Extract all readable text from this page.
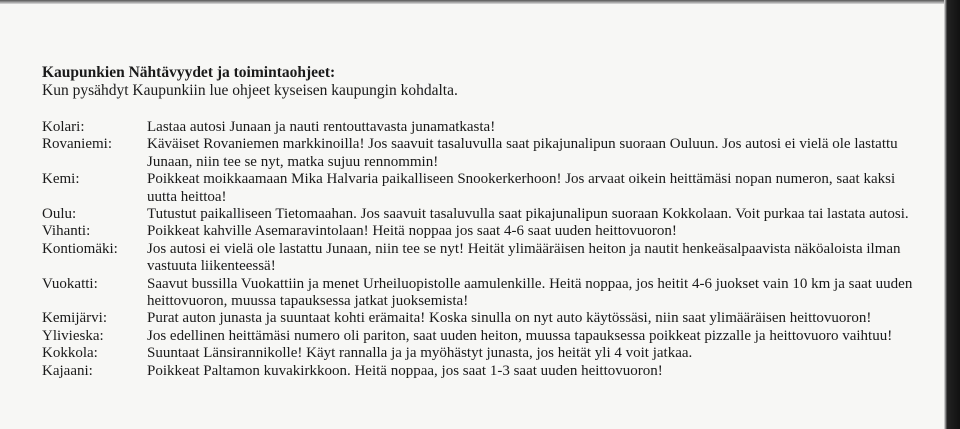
Kaupunkien Nähtävyydet ja toimintaohjeet:
Kun pysähdyt Kaupunkiin lue ohjeet kyseisen kaupungin kohdalta.
Kolari:	Lastaa autosi Junaan ja nauti rentouttavasta junamatkasta!
Rovaniemi:	Käväiset Rovaniemen markkinoilla! Jos saavuit tasaluvulla saat pikajunalipun suoraan Ouluun. Jos autosi ei vielä ole lastattu Junaan, niin tee se nyt, matka sujuu rennommin!
Kemi:	Poikkeat moikkaamaan Mika Halvaria paikalliseen Snookerkerhoon! Jos arvaat oikein heittämäsi nopan numeron, saat kaksi uutta heittoa!
Oulu:	Tutustut paikalliseen Tietomaahan. Jos saavuit tasaluvulla saat pikajunalipun suoraan Kokkolaan. Voit purkaa tai lastata autosi.
Vihanti:	Poikkeat kahville Asemaravintolaan! Heitä noppaa jos saat 4-6 saat uuden heittovuoron!
Kontiomäki:	Jos autosi ei vielä ole lastattu Junaan, niin tee se nyt! Heität ylimääräisen heiton ja nautit henkeäsalpaavista näköaloista ilman vastuuta liikenteessä!
Vuokatti:	Saavut bussilla Vuokattiin ja menet Urheiluopistolle aamulenkille. Heitä noppaa, jos heitit 4-6 juokset vain 10 km ja saat uuden heittovuoron, muussa tapauksessa jatkat juoksemista!
Kemijärvi:	Purat auton junasta ja suuntaat kohti erämaita! Koska sinulla on nyt auto käytössäsi, niin saat ylimääräisen heittovuoron!
Ylivieska:	Jos edellinen heittämäsi numero oli pariton, saat uuden heiton, muussa tapauksessa poikkeat pizzalle ja heittovuoro vaihtuu!
Kokkola:	Suuntaat Länsirannikolle! Käyt rannalla ja ja myöhästyt junasta, jos heität yli 4 voit jatkaa.
Kajaani:	Poikkeat Paltamon kuvakirkkoon. Heitä noppaa, jos saat 1-3 saat uuden heittovuoron!
